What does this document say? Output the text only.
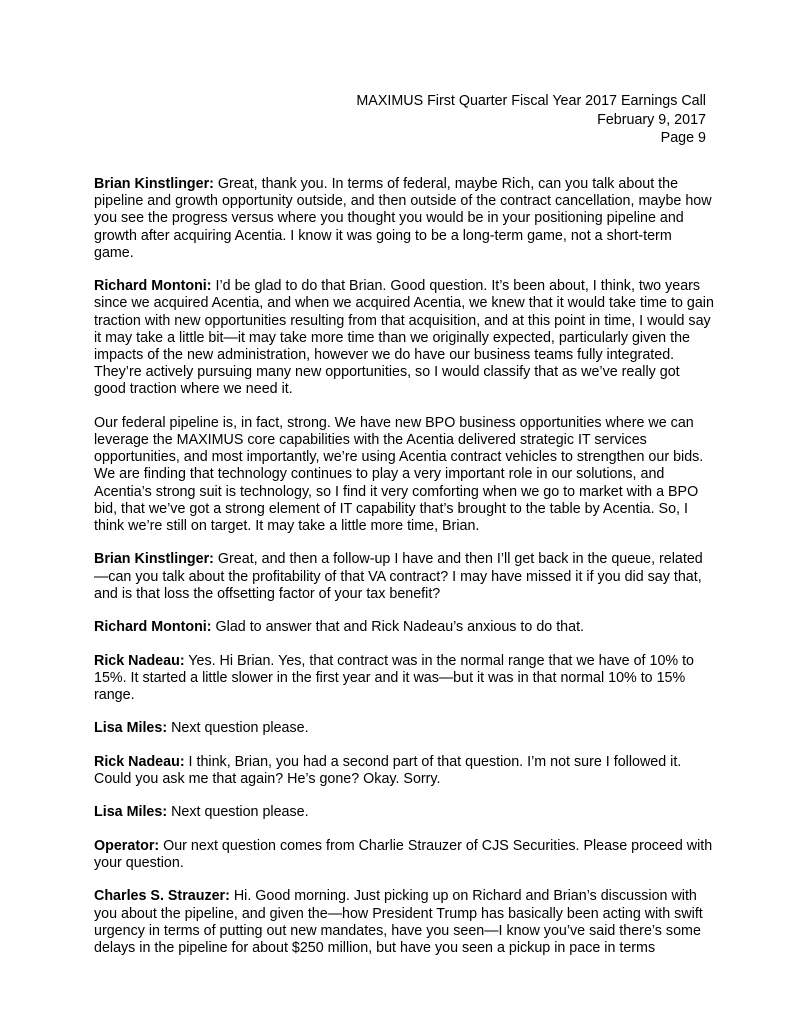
MAXIMUS First Quarter Fiscal Year 2017 Earnings Call
February 9, 2017
Page 9

Brian Kinstlinger: Great, thank you. In terms of federal, maybe Rich, can you talk about the pipeline and growth opportunity outside, and then outside of the contract cancellation, maybe how you see the progress versus where you thought you would be in your positioning pipeline and growth after acquiring Acentia. I know it was going to be a long-term game, not a short-term game.

Richard Montoni: I’d be glad to do that Brian. Good question. It’s been about, I think, two years since we acquired Acentia, and when we acquired Acentia, we knew that it would take time to gain traction with new opportunities resulting from that acquisition, and at this point in time, I would say it may take a little bit—it may take more time than we originally expected, particularly given the impacts of the new administration, however we do have our business teams fully integrated. They’re actively pursuing many new opportunities, so I would classify that as we’ve really got good traction where we need it.

Our federal pipeline is, in fact, strong. We have new BPO business opportunities where we can leverage the MAXIMUS core capabilities with the Acentia delivered strategic IT services opportunities, and most importantly, we’re using Acentia contract vehicles to strengthen our bids. We are finding that technology continues to play a very important role in our solutions, and Acentia’s strong suit is technology, so I find it very comforting when we go to market with a BPO bid, that we’ve got a strong element of IT capability that’s brought to the table by Acentia. So, I think we’re still on target. It may take a little more time, Brian.

Brian Kinstlinger: Great, and then a follow-up I have and then I’ll get back in the queue, related—can you talk about the profitability of that VA contract? I may have missed it if you did say that, and is that loss the offsetting factor of your tax benefit?

Richard Montoni: Glad to answer that and Rick Nadeau’s anxious to do that.

Rick Nadeau: Yes. Hi Brian. Yes, that contract was in the normal range that we have of 10% to 15%. It started a little slower in the first year and it was—but it was in that normal 10% to 15% range.

Lisa Miles: Next question please.

Rick Nadeau: I think, Brian, you had a second part of that question. I’m not sure I followed it. Could you ask me that again? He’s gone? Okay. Sorry.

Lisa Miles: Next question please.

Operator: Our next question comes from Charlie Strauzer of CJS Securities. Please proceed with your question.

Charles S. Strauzer: Hi. Good morning. Just picking up on Richard and Brian’s discussion with you about the pipeline, and given the—how President Trump has basically been acting with swift urgency in terms of putting out new mandates, have you seen—I know you’ve said there’s some delays in the pipeline for about $250 million, but have you seen a pickup in pace in terms
